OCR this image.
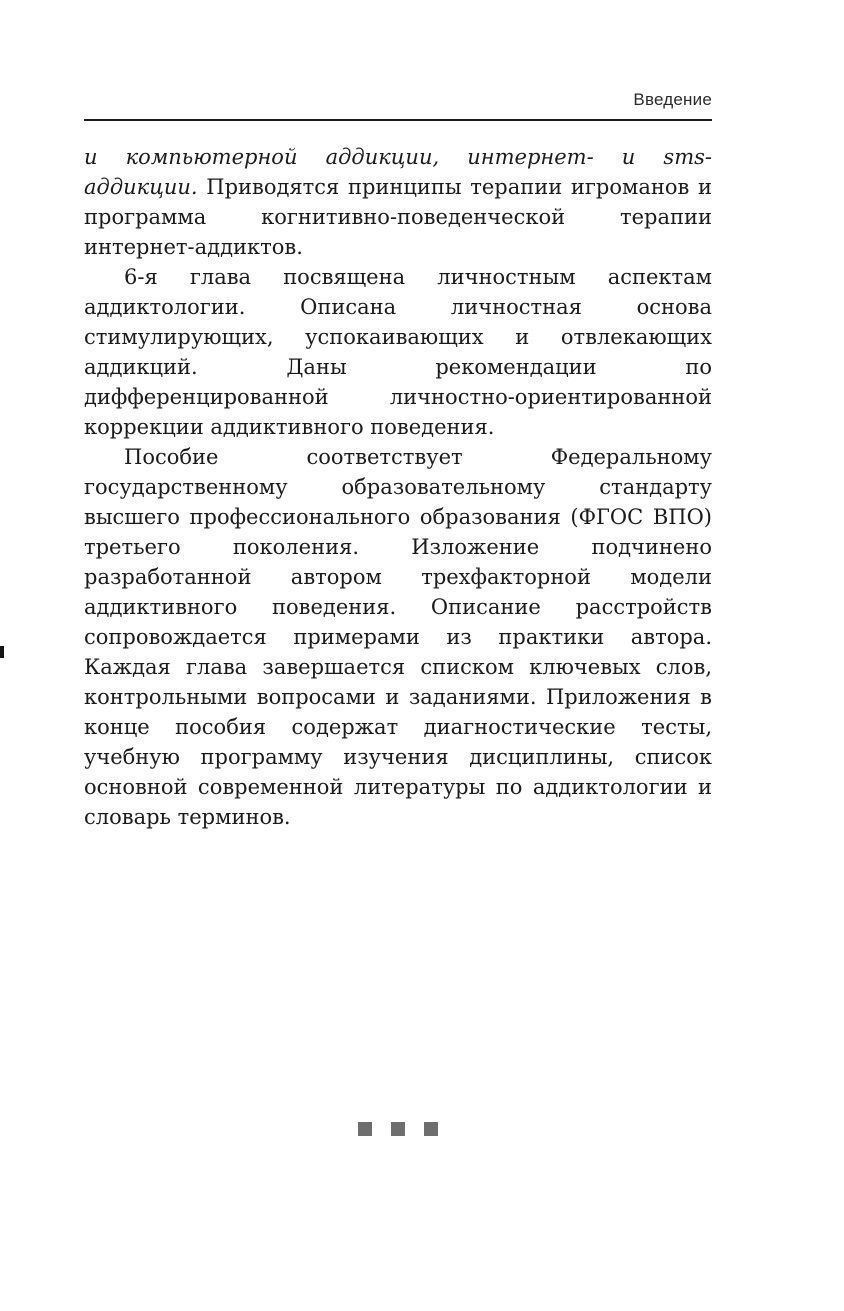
Введение

и компьютерной аддикции, интернет- и sms-аддикции. Приводятся принципы терапии игроманов и программа когнитивно-поведенческой терапии интернет-аддиктов.

6-я глава посвящена личностным аспектам аддиктологии. Описана личностная основа стимулирующих, успокаивающих и отвлекающих аддикций. Даны рекомендации по дифференцированной личностно-ориентированной коррекции аддиктивного поведения.

Пособие соответствует Федеральному государственному образовательному стандарту высшего профессионального образования (ФГОС ВПО) третьего поколения. Изложение подчинено разработанной автором трехфакторной модели аддиктивного поведения. Описание расстройств сопровождается примерами из практики автора. Каждая глава завершается списком ключевых слов, контрольными вопросами и заданиями. Приложения в конце пособия содержат диагностические тесты, учебную программу изучения дисциплины, список основной современной литературы по аддиктологии и словарь терминов.
